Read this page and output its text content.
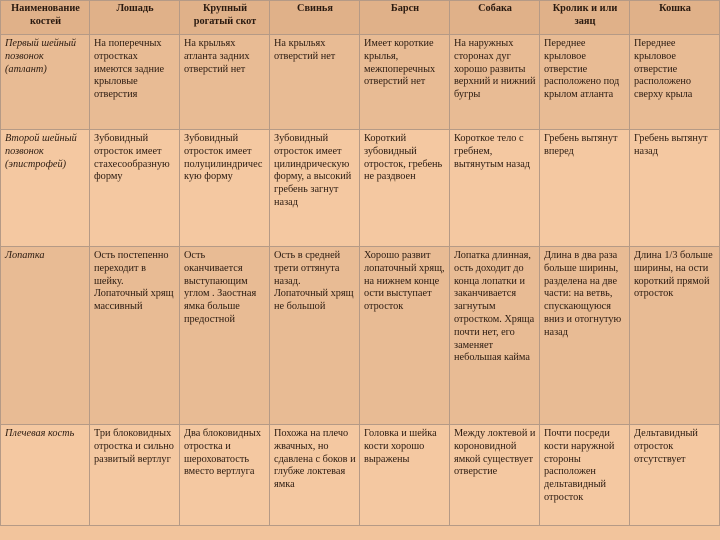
Наименование костей	Лошадь	Крупный рогатый скот	Свинья	Барсн	Собака	Кролик и или заяц	Кошка
Первый шейный позвонок (атлант)	На поперечных отростках имеются задние крыловые отверстия	На крыльях атланта задних отверстий нет	На крыльях отверстий нет	Имеет короткие крылья, межпоперечных отверстий нет	На наружных сторонах дуг хорошо развиты верхний и нижний бугры	Переднее крыловое отверстие расположено под крылом атланта	Переднее крыловое отверстие расположено сверху крыла
Второй шейный позвонок (эпистрофей)	Зубовидный отросток имеет стахесообразную форму	Зубовидный отросток имеет полуцилиндрическую форму	Зубовидный отросток имеет цилиндрическую форму, а высокий гребень загнут назад	Короткий зубовидный отросток, гребень не раздвоен	Короткое тело с гребнем, вытянутым назад	Гребень вытянут вперед	Гребень вытянут назад
Лопатка	Ость постепенно переходит в шейку. Лопаточный хрящ массивный	Ость оканчивается выступающим углом . Заостная ямка больше предостной	Ость в средней трети оттянута назад. Лопаточный хрящ не большой	Хорошо развит лопаточный хрящ, на нижнем конце ости выступает отросток	Лопатка длинная, ость доходит до конца лопатки и заканчивается загнутым отростком. Хряща почти нет, его заменяет небольшая кайма	Длина в два раза больше ширины, разделена на две части: на ветвь, спускающуюся вниз и отогнутую назад	Длина 1/3 больше ширины, на ости короткий прямой отросток
Плечевая кость	Три блоковидных отростка и сильно развитый вертлуг	Два блоковидных отростка и шероховатость вместо вертлуга	Похожа на плечо жвачных, но сдавлена с боков и глубже локтевая ямка	Головка и шейка кости хорошо выражены	Между локтевой и короновидной ямкой существует отверстие	Почти посреди кости наружной стороны расположен дельтавидный отросток	Дельтавидный отросток отсутствует
